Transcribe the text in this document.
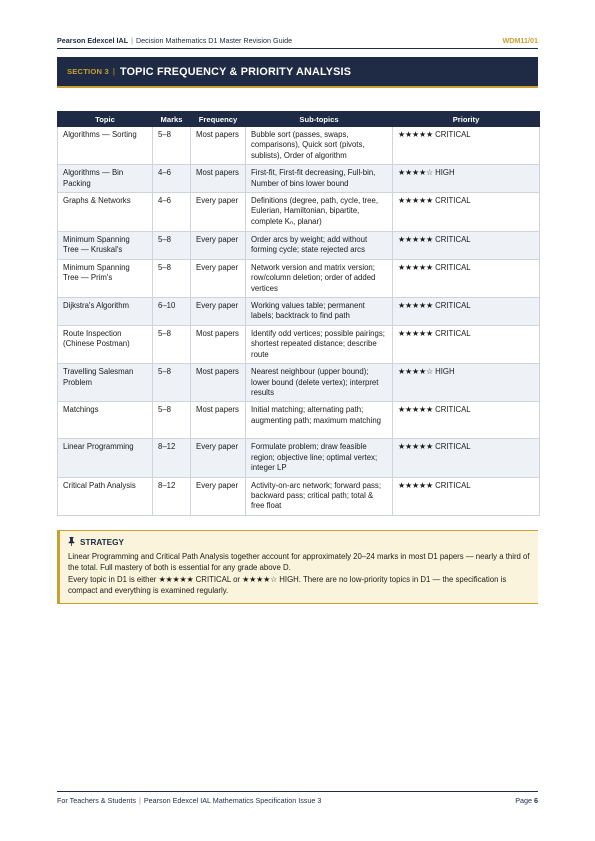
Pearson Edexcel IAL | Decision Mathematics D1 Master Revision Guide	WDM11/01
SECTION 3 | TOPIC FREQUENCY & PRIORITY ANALYSIS
Topic	Marks	Frequency	Sub-topics	Priority
Algorithms — Sorting	5–8	Most papers	Bubble sort (passes, swaps, comparisons), Quick sort (pivots, sublists), Order of algorithm	★★★★★ CRITICAL
Algorithms — Bin Packing	4–6	Most papers	First-fit, First-fit decreasing, Full-bin, Number of bins lower bound	★★★★☆ HIGH
Graphs & Networks	4–6	Every paper	Definitions (degree, path, cycle, tree, Eulerian, Hamiltonian, bipartite, complete Kₙ, planar)	★★★★★ CRITICAL
Minimum Spanning Tree — Kruskal's	5–8	Every paper	Order arcs by weight; add without forming cycle; state rejected arcs	★★★★★ CRITICAL
Minimum Spanning Tree — Prim's	5–8	Every paper	Network version and matrix version; row/column deletion; order of added vertices	★★★★★ CRITICAL
Dijkstra's Algorithm	6–10	Every paper	Working values table; permanent labels; backtrack to find path	★★★★★ CRITICAL
Route Inspection (Chinese Postman)	5–8	Most papers	Identify odd vertices; possible pairings; shortest repeated distance; describe route	★★★★★ CRITICAL
Travelling Salesman Problem	5–8	Most papers	Nearest neighbour (upper bound); lower bound (delete vertex); interpret results	★★★★☆ HIGH
Matchings	5–8	Most papers	Initial matching; alternating path; augmenting path; maximum matching	★★★★★ CRITICAL
Linear Programming	8–12	Every paper	Formulate problem; draw feasible region; objective line; optimal vertex; integer LP	★★★★★ CRITICAL
Critical Path Analysis	8–12	Every paper	Activity-on-arc network; forward pass; backward pass; critical path; total & free float	★★★★★ CRITICAL
STRATEGY

Linear Programming and Critical Path Analysis together account for approximately 20–24 marks in most D1 papers — nearly a third of the total. Full mastery of both is essential for any grade above D.

Every topic in D1 is either ★★★★★ CRITICAL or ★★★★☆ HIGH. There are no low-priority topics in D1 — the specification is compact and everything is examined regularly.

For Teachers & Students | Pearson Edexcel IAL Mathematics Specification Issue 3	Page 6
